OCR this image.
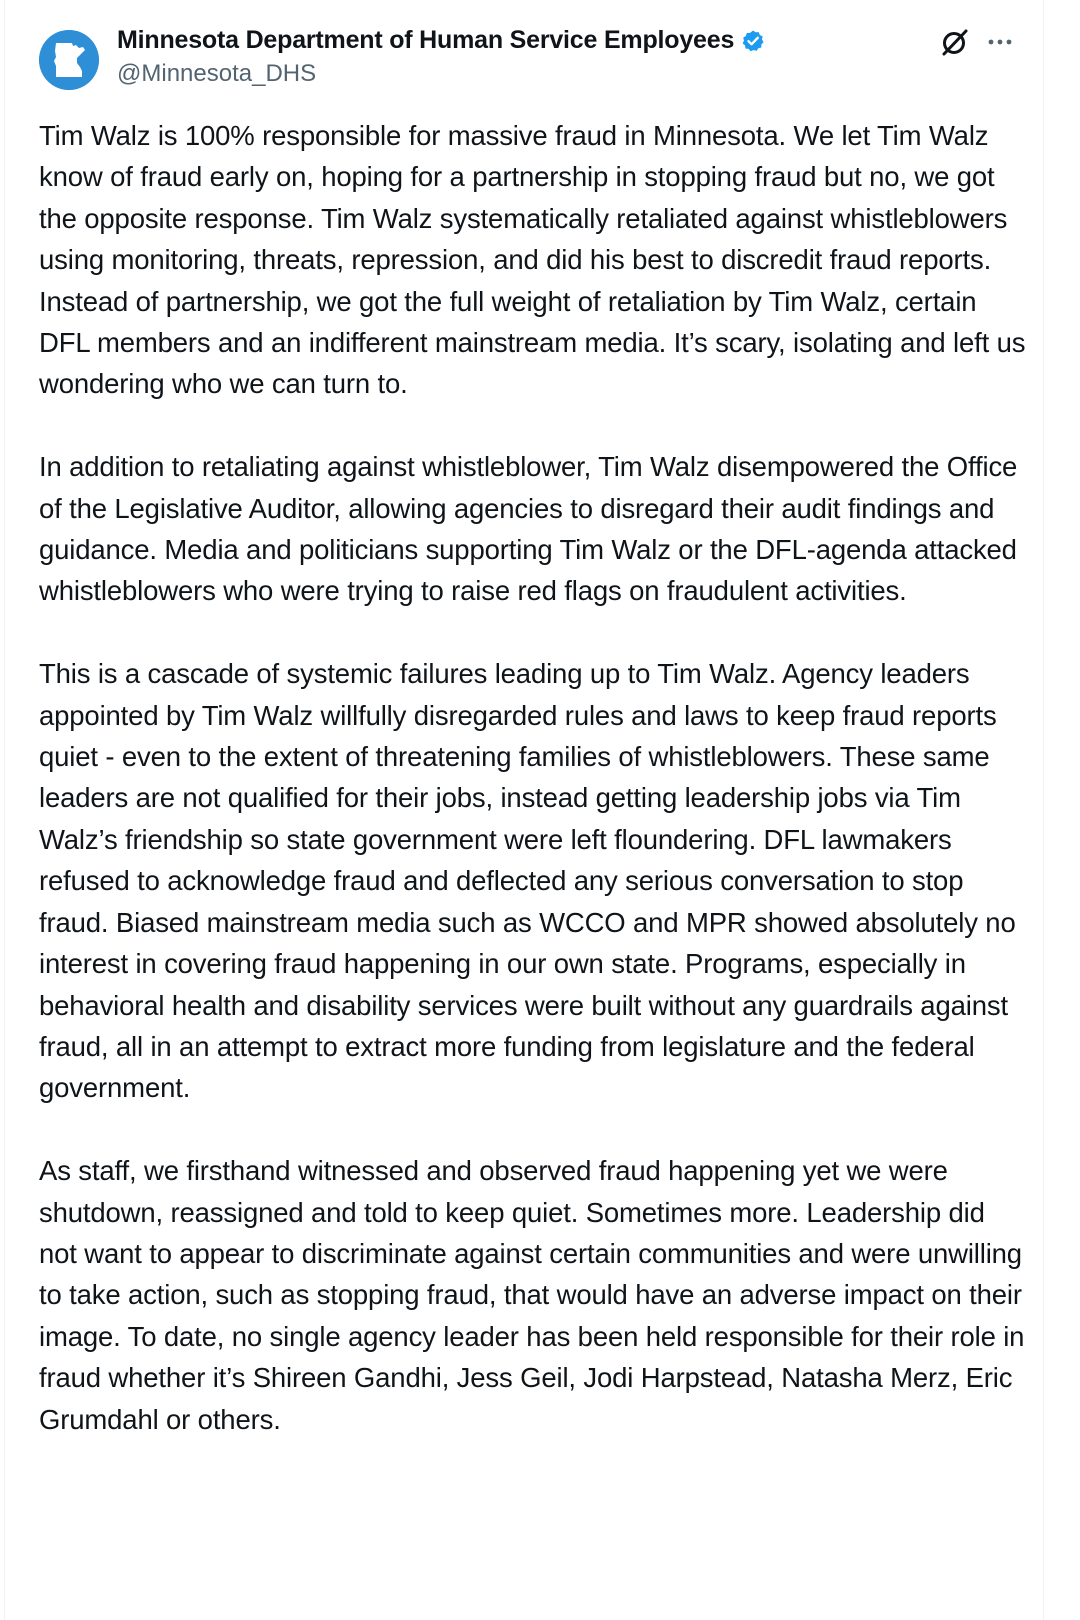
Minnesota Department of Human Service Employees
@Minnesota_DHS

Tim Walz is 100% responsible for massive fraud in Minnesota. We let Tim Walz know of fraud early on, hoping for a partnership in stopping fraud but no, we got the opposite response. Tim Walz systematically retaliated against whistleblowers using monitoring, threats, repression, and did his best to discredit fraud reports. Instead of partnership, we got the full weight of retaliation by Tim Walz, certain DFL members and an indifferent mainstream media. It’s scary, isolating and left us wondering who we can turn to.

In addition to retaliating against whistleblower, Tim Walz disempowered the Office of the Legislative Auditor, allowing agencies to disregard their audit findings and guidance. Media and politicians supporting Tim Walz or the DFL-agenda attacked whistleblowers who were trying to raise red flags on fraudulent activities.

This is a cascade of systemic failures leading up to Tim Walz. Agency leaders appointed by Tim Walz willfully disregarded rules and laws to keep fraud reports quiet - even to the extent of threatening families of whistleblowers. These same leaders are not qualified for their jobs, instead getting leadership jobs via Tim Walz’s friendship so state government were left floundering. DFL lawmakers refused to acknowledge fraud and deflected any serious conversation to stop fraud. Biased mainstream media such as WCCO and MPR showed absolutely no interest in covering fraud happening in our own state. Programs, especially in behavioral health and disability services were built without any guardrails against fraud, all in an attempt to extract more funding from legislature and the federal government.

As staff, we firsthand witnessed and observed fraud happening yet we were shutdown, reassigned and told to keep quiet. Sometimes more. Leadership did not want to appear to discriminate against certain communities and were unwilling to take action, such as stopping fraud, that would have an adverse impact on their image. To date, no single agency leader has been held responsible for their role in fraud whether it’s Shireen Gandhi, Jess Geil, Jodi Harpstead, Natasha Merz, Eric Grumdahl or others.
